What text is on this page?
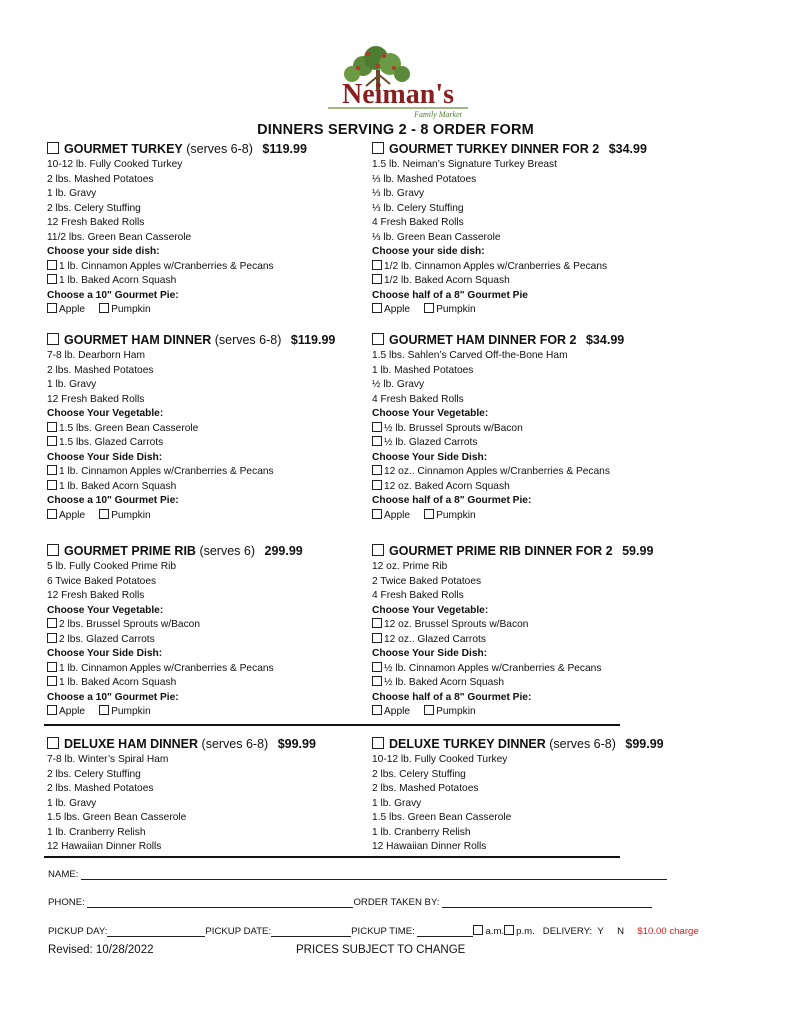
Neiman's
Family Market
DINNERS SERVING 2 - 8 ORDER FORM
GOURMET TURKEY (serves 6-8) $119.99
10-12 lb. Fully Cooked Turkey
2 lbs. Mashed Potatoes
1 lb. Gravy
2 lbs. Celery Stuffing
12 Fresh Baked Rolls
11/2 lbs. Green Bean Casserole
Choose your side dish:
1 lb. Cinnamon Apples w/Cranberries & Pecans
1 lb. Baked Acorn Squash
Choose a 10" Gourmet Pie:
Apple	Pumpkin
GOURMET TURKEY DINNER FOR 2 $34.99
1.5 lb. Neiman’s Signature Turkey Breast
⅓ lb. Mashed Potatoes
⅓ lb. Gravy
⅓ lb. Celery Stuffing
4 Fresh Baked Rolls
⅓ lb. Green Bean Casserole
Choose your side dish:
1/2 lb. Cinnamon Apples w/Cranberries & Pecans
1/2 lb. Baked Acorn Squash
Choose half of a 8" Gourmet Pie
Apple	Pumpkin
GOURMET HAM DINNER (serves 6-8) $119.99
7-8 lb. Dearborn Ham
2 lbs. Mashed Potatoes
1 lb. Gravy
12 Fresh Baked Rolls
Choose Your Vegetable:
1.5 lbs. Green Bean Casserole
1.5 lbs. Glazed Carrots
Choose Your Side Dish:
1 lb. Cinnamon Apples w/Cranberries & Pecans
1 lb. Baked Acorn Squash
Choose a 10" Gourmet Pie:
Apple	Pumpkin
GOURMET HAM DINNER FOR 2 $34.99
1.5 lbs. Sahlen’s Carved Off-the-Bone Ham
1 lb. Mashed Potatoes
½ lb. Gravy
4 Fresh Baked Rolls
Choose Your Vegetable:
½ lb. Brussel Sprouts w/Bacon
½ lb. Glazed Carrots
Choose Your Side Dish:
12 oz.. Cinnamon Apples w/Cranberries & Pecans
12 oz. Baked Acorn Squash
Choose half of a 8" Gourmet Pie:
Apple	Pumpkin
GOURMET PRIME RIB (serves 6) 299.99
5 lb. Fully Cooked Prime Rib
6 Twice Baked Potatoes
12 Fresh Baked Rolls
Choose Your Vegetable:
2 lbs. Brussel Sprouts w/Bacon
2 lbs. Glazed Carrots
Choose Your Side Dish:
1 lb. Cinnamon Apples w/Cranberries & Pecans
1 lb. Baked Acorn Squash
Choose a 10" Gourmet Pie:
Apple	Pumpkin
GOURMET PRIME RIB DINNER FOR 2 59.99
12 oz. Prime Rib
2 Twice Baked Potatoes
4 Fresh Baked Rolls
Choose Your Vegetable:
12 oz. Brussel Sprouts w/Bacon
12 oz.. Glazed Carrots
Choose Your Side Dish:
½ lb. Cinnamon Apples w/Cranberries & Pecans
½ lb. Baked Acorn Squash
Choose half of a 8" Gourmet Pie:
Apple	Pumpkin
DELUXE HAM DINNER (serves 6-8) $99.99
7-8 lb. Winter’s Spiral Ham
2 lbs. Celery Stuffing
2 lbs. Mashed Potatoes
1 lb. Gravy
1.5 lbs. Green Bean Casserole
1 lb. Cranberry Relish
12 Hawaiian Dinner Rolls
DELUXE TURKEY DINNER (serves 6-8) $99.99
10-12 lb. Fully Cooked Turkey
2 lbs. Celery Stuffing
2 lbs. Mashed Potatoes
1 lb. Gravy
1.5 lbs. Green Bean Casserole
1 lb. Cranberry Relish
12 Hawaiian Dinner Rolls
NAME:
PHONE:	ORDER TAKEN BY:
PICKUP DAY:	PICKUP DATE:	PICKUP TIME:	a.m. p.m. DELIVERY: Y N $10.00 charge
Revised: 10/28/2022	PRICES SUBJECT TO CHANGE
